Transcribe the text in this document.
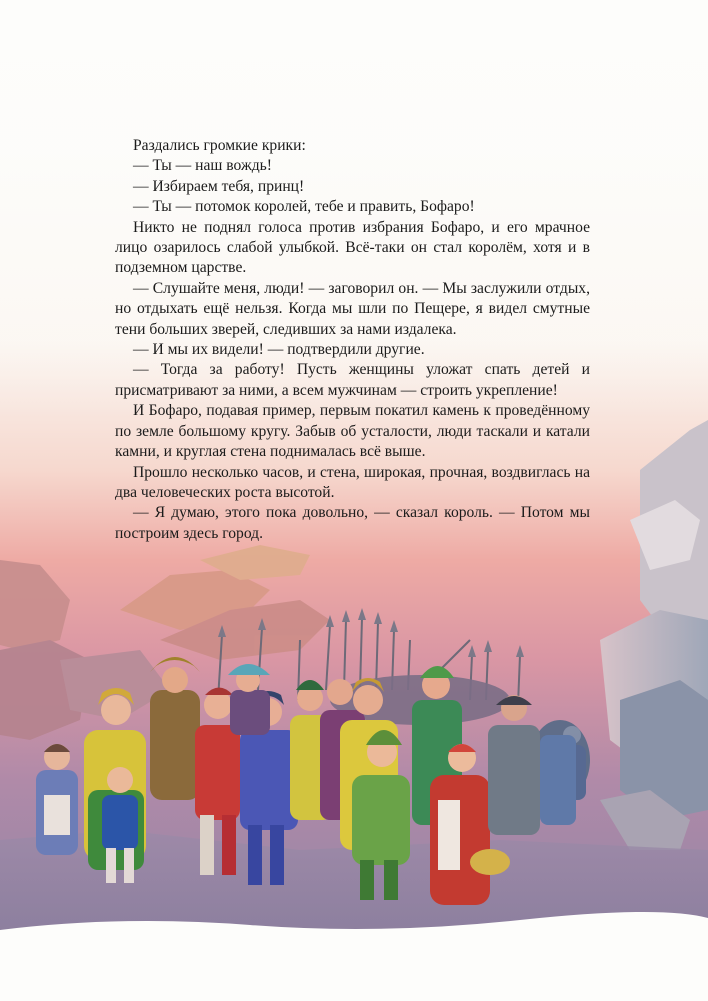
Раздались громкие крики:

— Ты — наш вождь!

— Избираем тебя, принц!

— Ты — потомок королей, тебе и править, Бофаро!

Никто не поднял голоса против избрания Бофаро, и его мрачное лицо озарилось слабой улыбкой. Всё-таки он стал королём, хотя и в подземном царстве.

— Слушайте меня, люди! — заговорил он. — Мы заслужили отдых, но отдыхать ещё нельзя. Когда мы шли по Пещере, я видел смутные тени больших зверей, следивших за нами издалека.

— И мы их видели! — подтвердили другие.

— Тогда за работу! Пусть женщины уложат спать детей и присматривают за ними, а всем мужчинам — строить укрепление!

И Бофаро, подавая пример, первым покатил камень к проведённому по земле большому кругу. Забыв об усталости, люди таскали и катали камни, и круглая стена поднималась всё выше.

Прошло несколько часов, и стена, широкая, прочная, воздвиглась на два человеческих роста высотой.

— Я думаю, этого пока довольно, — сказал король. — Потом мы построим здесь город.
